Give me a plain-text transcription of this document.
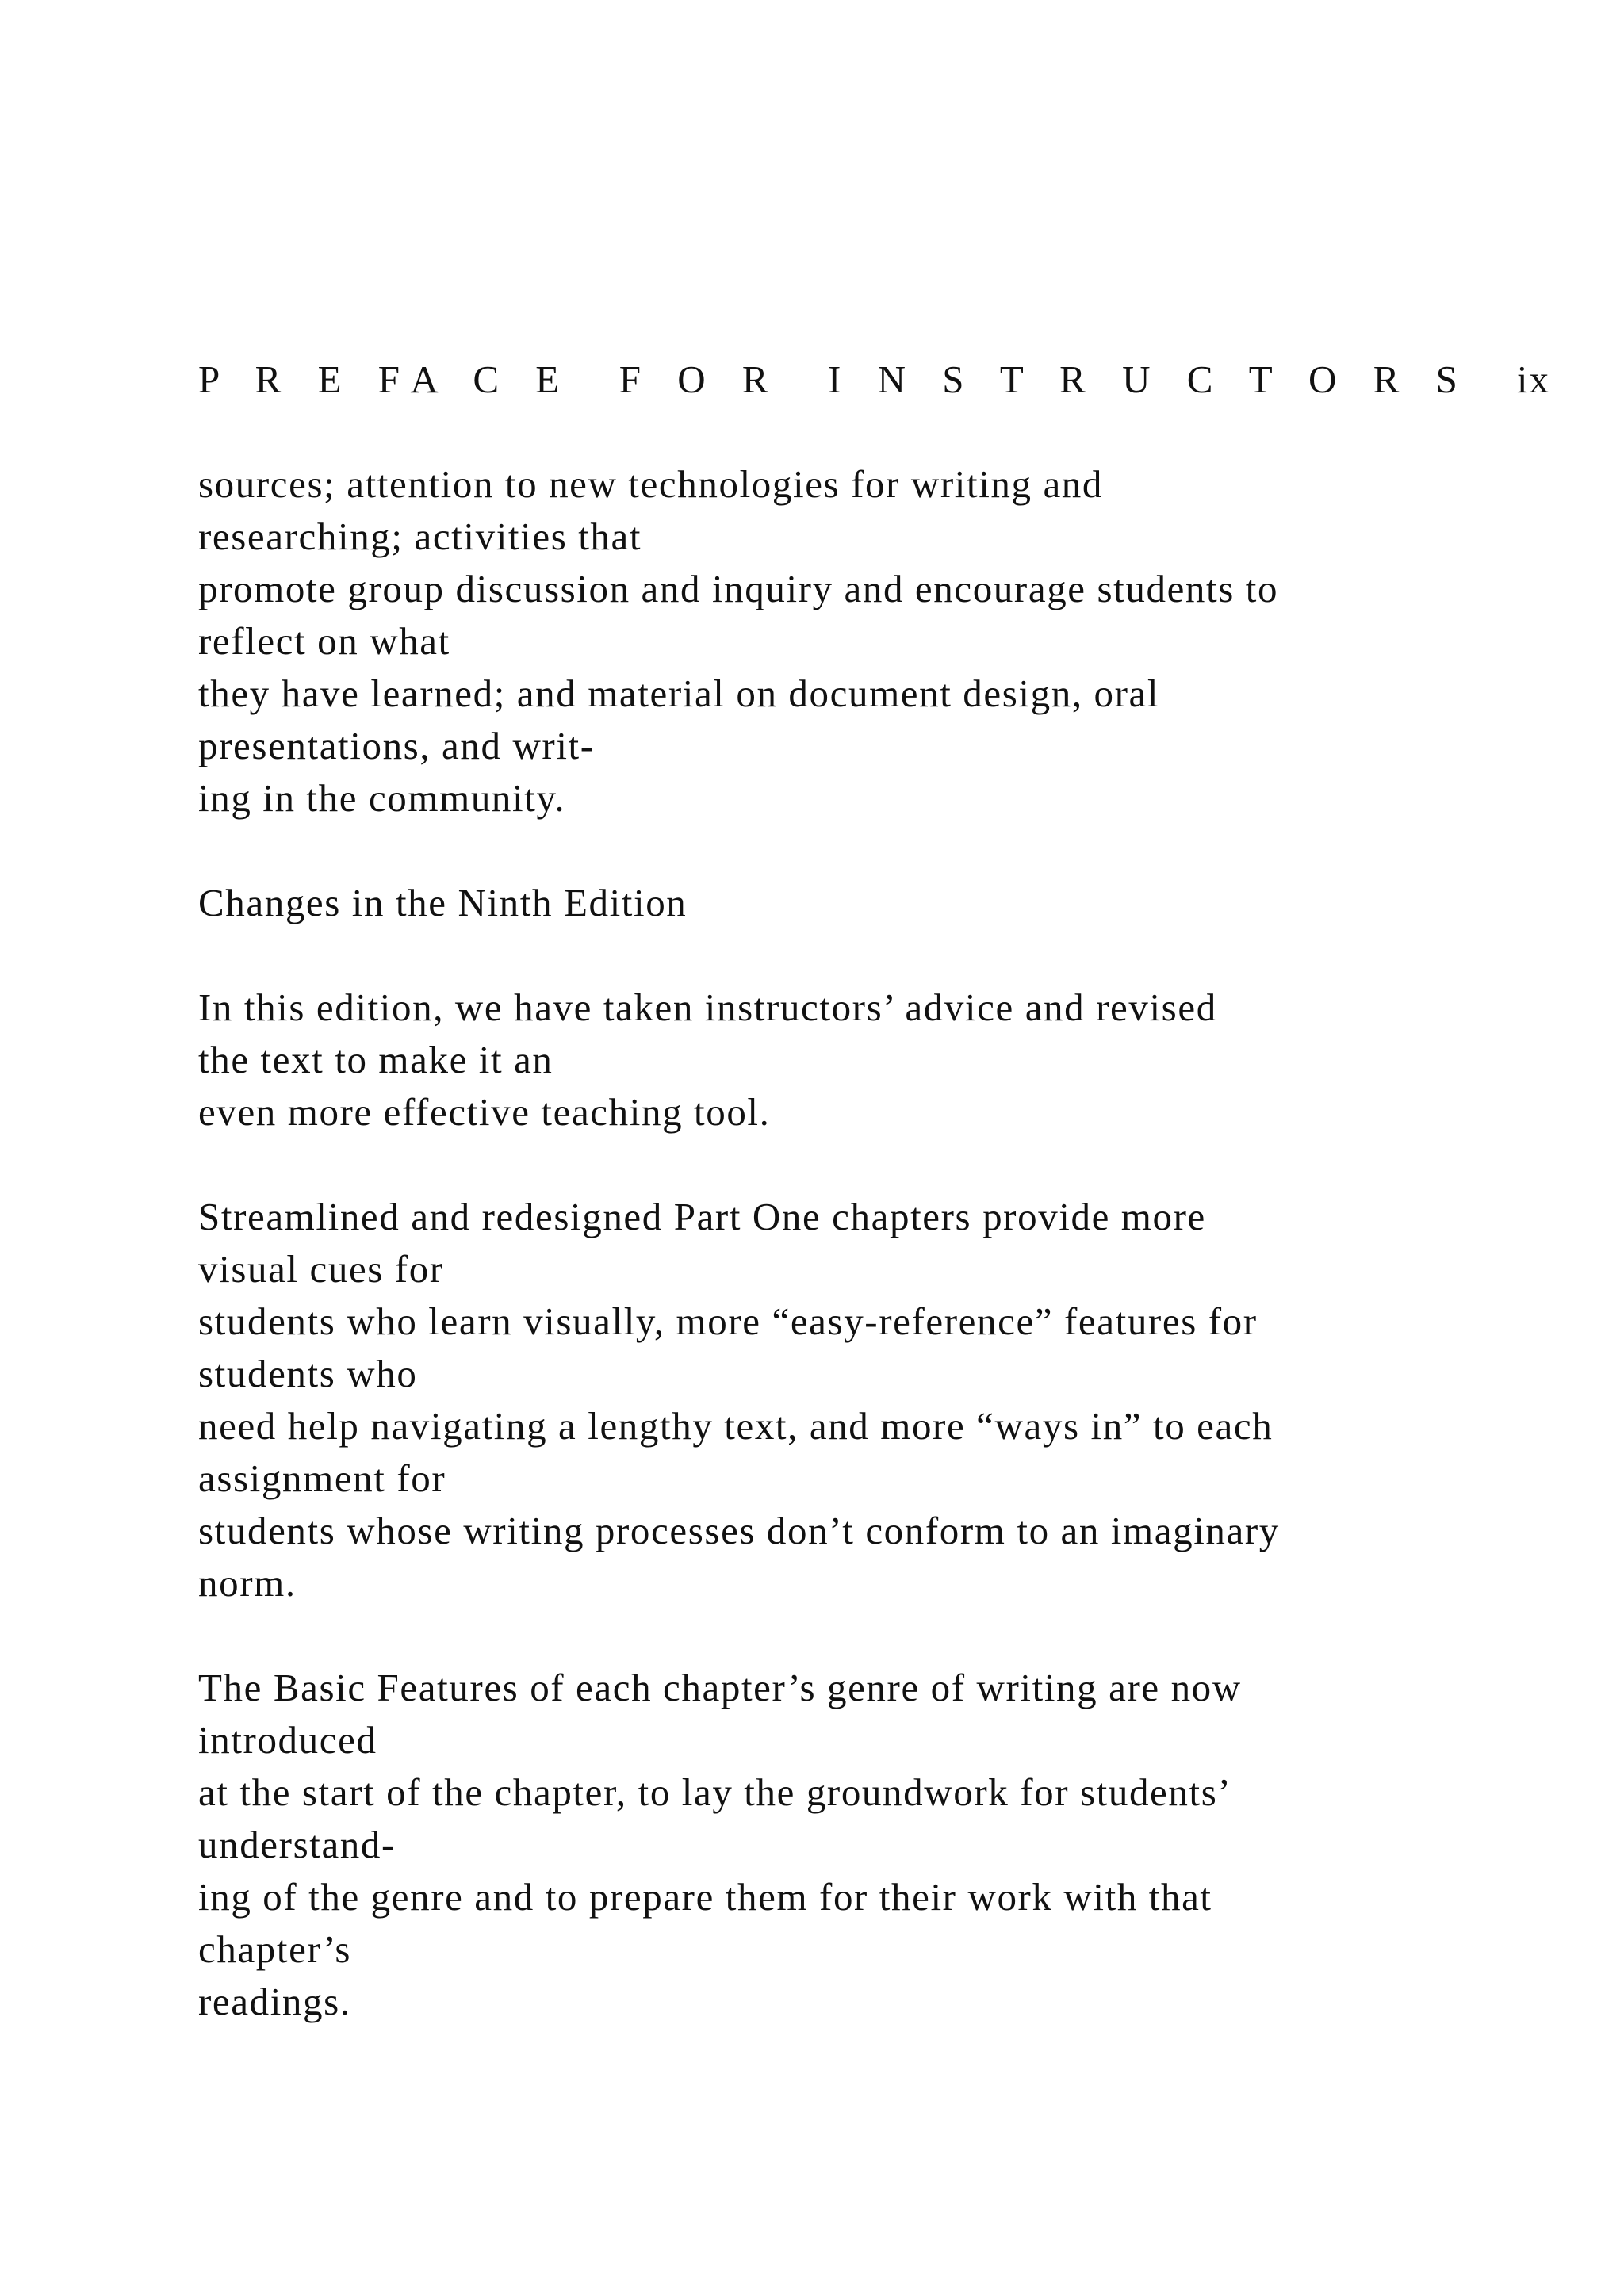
P R E FA C E  F O R  I N S T R U C T O R S ix
sources; attention to new technologies for writing and
researching; activities that
promote group discussion and inquiry and encourage students to
reflect on what
they have learned; and material on document design, oral
presentations, and writ-
ing in the community.
Changes in the Ninth Edition
In this edition, we have taken instructors’ advice and revised
the text to make it an
even more effective teaching tool.
Streamlined and redesigned Part One chapters provide more
visual cues for
students who learn visually, more “easy-reference” features for
students who
need help navigating a lengthy text, and more “ways in” to each
assignment for
students whose writing processes don’t conform to an imaginary
norm.
The Basic Features of each chapter’s genre of writing are now
introduced
at the start of the chapter, to lay the groundwork for students’
understand-
ing of the genre and to prepare them for their work with that
chapter’s
readings.
